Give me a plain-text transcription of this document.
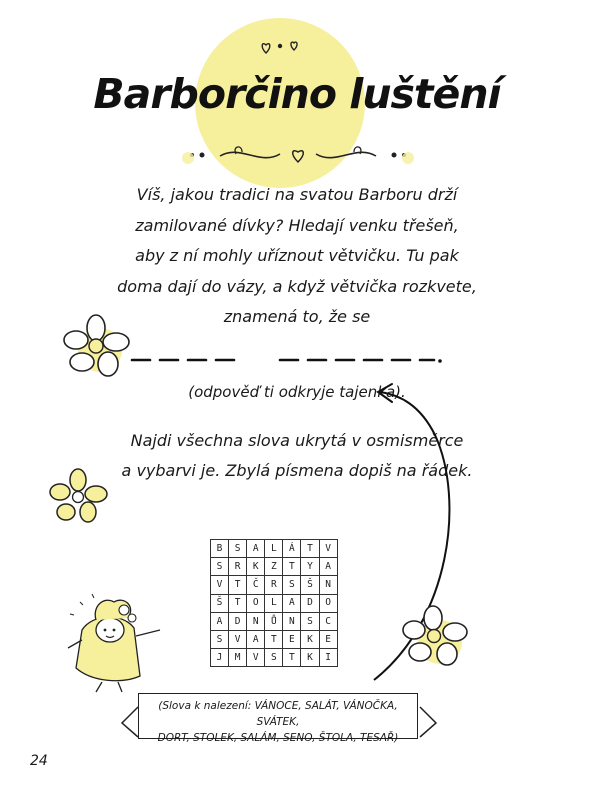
Barborčino luštění
Víš, jakou tradici na svatou Barboru drží
zamilované dívky? Hledají venku třešeň,
aby z ní mohly uříznout větvičku. Tu pak
doma dají do vázy, a když větvička rozkvete,
znamená to, že se
(odpověď ti odkryje tajenka).
Najdi všechna slova ukrytá v osmisměrce
a vybarvi je. Zbylá písmena dopiš na řádek.
B	S	A	L	Á	T	V
S	R	K	Z	T	Y	A
V	T	Č	R	S	Š	N
Š	T	O	L	A	D	O
A	D	N	Ů	N	S	C
S	V	A	T	E	K	E
J	M	V	S	T	K	I
(Slova k nalezení: VÁNOCE, SALÁT, VÁNOČKA, SVÁTEK,
DORT, STOLEK, SALÁM, SENO, ŠTOLA, TESAŘ)
24
